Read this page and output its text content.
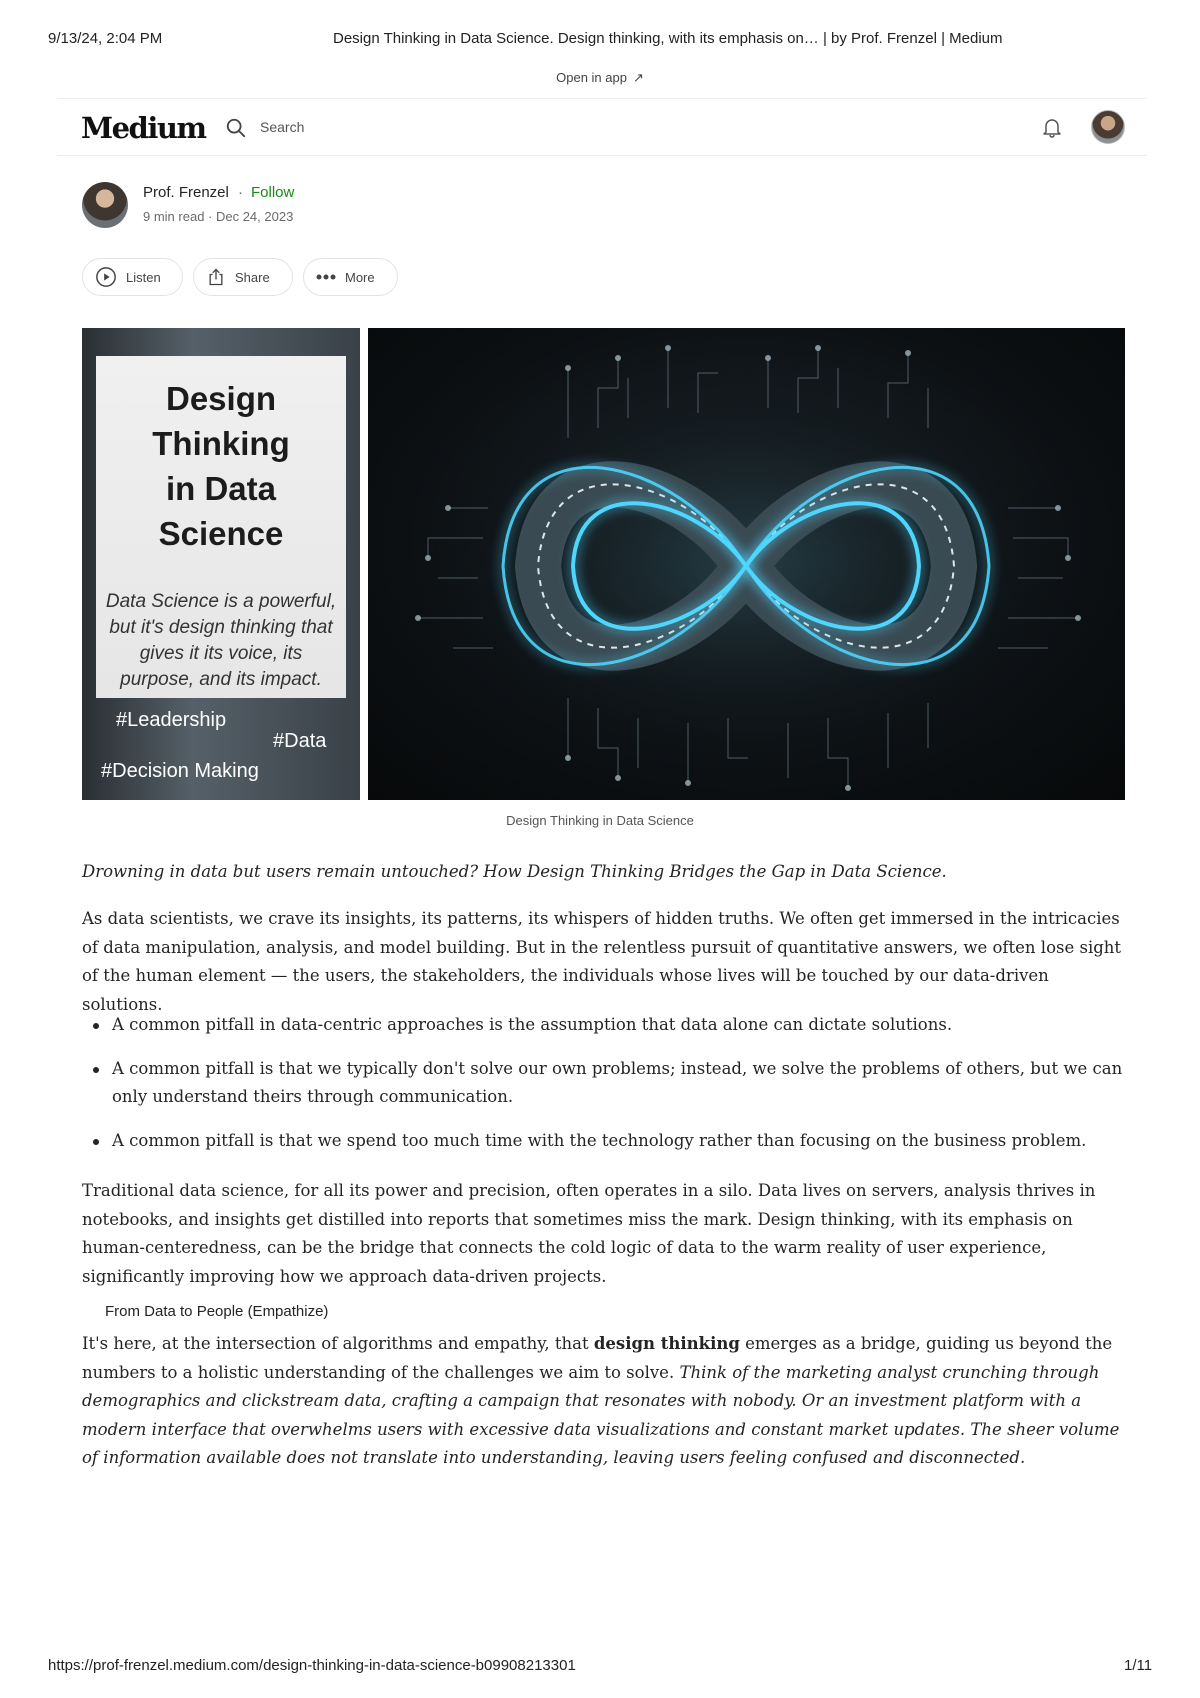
9/13/24, 2:04 PM	Design Thinking in Data Science. Design thinking, with its emphasis on… | by Prof. Frenzel | Medium
Open in app ↗
Medium	Search
Prof. Frenzel · Follow
9 min read · Dec 24, 2023
Listen	Share	More
Design
Thinking
in Data
Science
Data Science is a powerful, but it's design thinking that gives it its voice, its purpose, and its impact.
#Leadership
#Data
#Decision Making
Design Thinking in Data Science
Drowning in data but users remain untouched? How Design Thinking Bridges the Gap in Data Science.
As data scientists, we crave its insights, its patterns, its whispers of hidden truths. We often get immersed in the intricacies of data manipulation, analysis, and model building. But in the relentless pursuit of quantitative answers, we often lose sight of the human element — the users, the stakeholders, the individuals whose lives will be touched by our data-driven solutions.
A common pitfall in data-centric approaches is the assumption that data alone can dictate solutions.
A common pitfall is that we typically don't solve our own problems; instead, we solve the problems of others, but we can only understand theirs through communication.
A common pitfall is that we spend too much time with the technology rather than focusing on the business problem.
Traditional data science, for all its power and precision, often operates in a silo. Data lives on servers, analysis thrives in notebooks, and insights get distilled into reports that sometimes miss the mark. Design thinking, with its emphasis on human-centeredness, can be the bridge that connects the cold logic of data to the warm reality of user experience, significantly improving how we approach data-driven projects.
From Data to People (Empathize)
It's here, at the intersection of algorithms and empathy, that design thinking emerges as a bridge, guiding us beyond the numbers to a holistic understanding of the challenges we aim to solve. Think of the marketing analyst crunching through demographics and clickstream data, crafting a campaign that resonates with nobody. Or an investment platform with a modern interface that overwhelms users with excessive data visualizations and constant market updates. The sheer volume of information available does not translate into understanding, leaving users feeling confused and disconnected.
https://prof-frenzel.medium.com/design-thinking-in-data-science-b09908213301	1/11
